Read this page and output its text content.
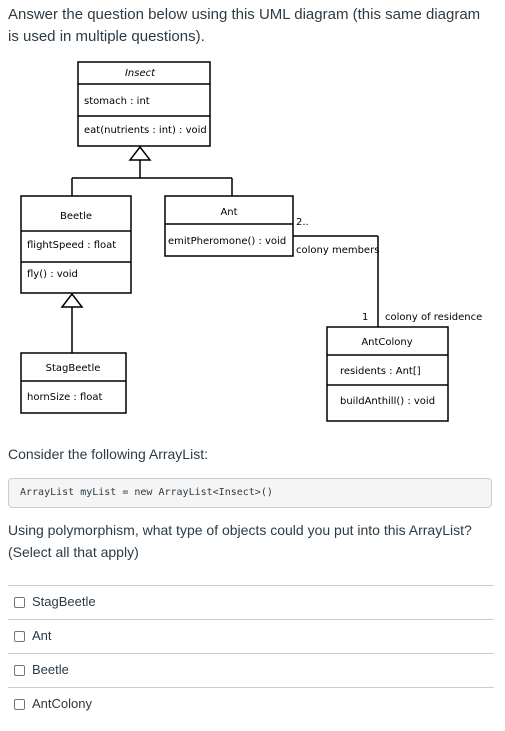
Answer the question below using this UML diagram (this same diagram is used in multiple questions).
Insect
stomach : int
eat(nutrients : int) : void
Beetle
flightSpeed : float
fly() : void
Ant
emitPheromone() : void
2..
colony members
1 colony of residence
StagBeetle
hornSize : float
AntColony
residents : Ant[]
buildAnthill() : void
Consider the following ArrayList:
ArrayList myList = new ArrayList<Insect>()
Using polymorphism, what type of objects could you put into this ArrayList? (Select all that apply)
StagBeetle
Ant
Beetle
AntColony
